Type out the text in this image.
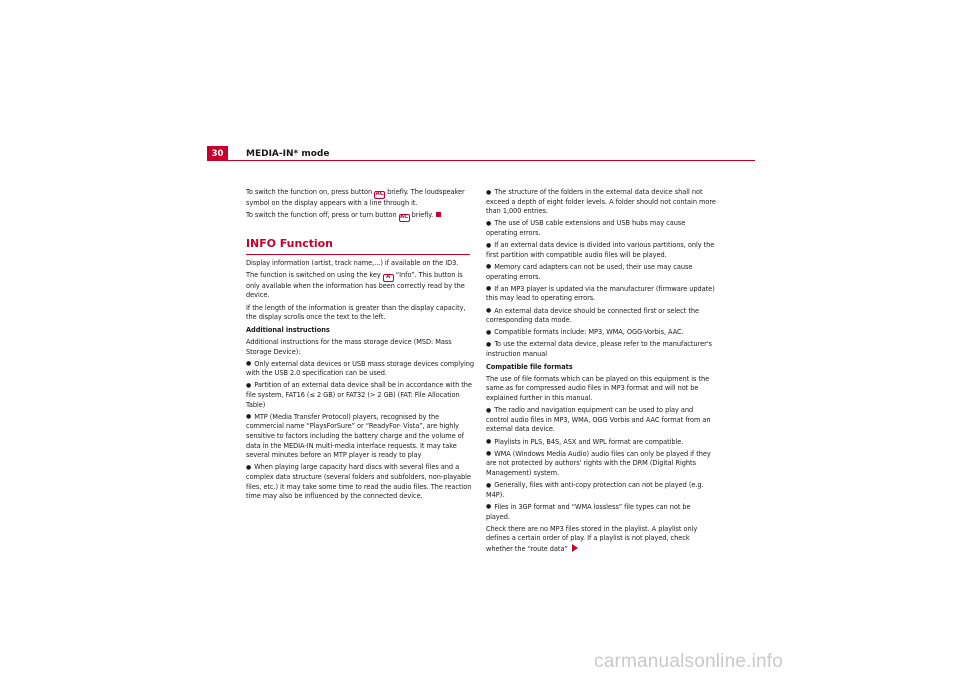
30	MEDIA-IN* mode

To switch the function on, press button AC briefly. The loudspeaker symbol on the display appears with a line through it.

To switch the function off, press or turn button AC briefly.

INFO Function

Display information (artist, track name,...) if available on the ID3.

The function is switched on using the key A “Info”. This button is only available when the information has been correctly read by the device.

If the length of the information is greater than the display capacity, the display scrolls once the text to the left.

Additional instructions

Additional instructions for the mass storage device (MSD: Mass Storage Device):

● Only external data devices or USB mass storage devices complying with the USB 2.0 specification can be used.

● Partition of an external data device shall be in accordance with the file system, FAT16 (≤ 2 GB) or FAT32 (> 2 GB) (FAT: File Allocation Table)

● MTP (Media Transfer Protocol) players, recognised by the commercial name “PlaysForSure” or “ReadyFor- Vista”, are highly sensitive to factors including the battery charge and the volume of data in the MEDIA-IN multi-media interface requests. It may take several minutes before an MTP player is ready to play

● When playing large capacity hard discs with several files and a complex data structure (several folders and subfolders, non-playable files, etc.) it may take some time to read the audio files. The reaction time may also be influenced by the connected device.

● The structure of the folders in the external data device shall not exceed a depth of eight folder levels. A folder should not contain more than 1,000 entries.

● The use of USB cable extensions and USB hubs may cause operating errors.

● If an external data device is divided into various partitions, only the first partition with compatible audio files will be played.

● Memory card adapters can not be used, their use may cause operating errors.

● If an MP3 player is updated via the manufacturer (firmware update) this may lead to operating errors.

● An external data device should be connected first or select the corresponding data mode.

● Compatible formats include: MP3, WMA, OGG-Vorbis, AAC.

● To use the external data device, please refer to the manufacturer's instruction manual

Compatible file formats

The use of file formats which can be played on this equipment is the same as for compressed audio files in MP3 format and will not be explained further in this manual.

● The radio and navigation equipment can be used to play and control audio files in MP3, WMA, OGG Vorbis and AAC format from an external data device.

● Playlists in PLS, B4S, ASX and WPL format are compatible.

● WMA (Windows Media Audio) audio files can only be played if they are not protected by authors' rights with the DRM (Digital Rights Management) system.

● Generally, files with anti-copy protection can not be played (e.g. M4P).

● Files in 3GP format and “WMA lossless” file types can not be played.

Check there are no MP3 files stored in the playlist. A playlist only defines a certain order of play. If a playlist is not played, check whether the “route data”

carmanualsonline.info
